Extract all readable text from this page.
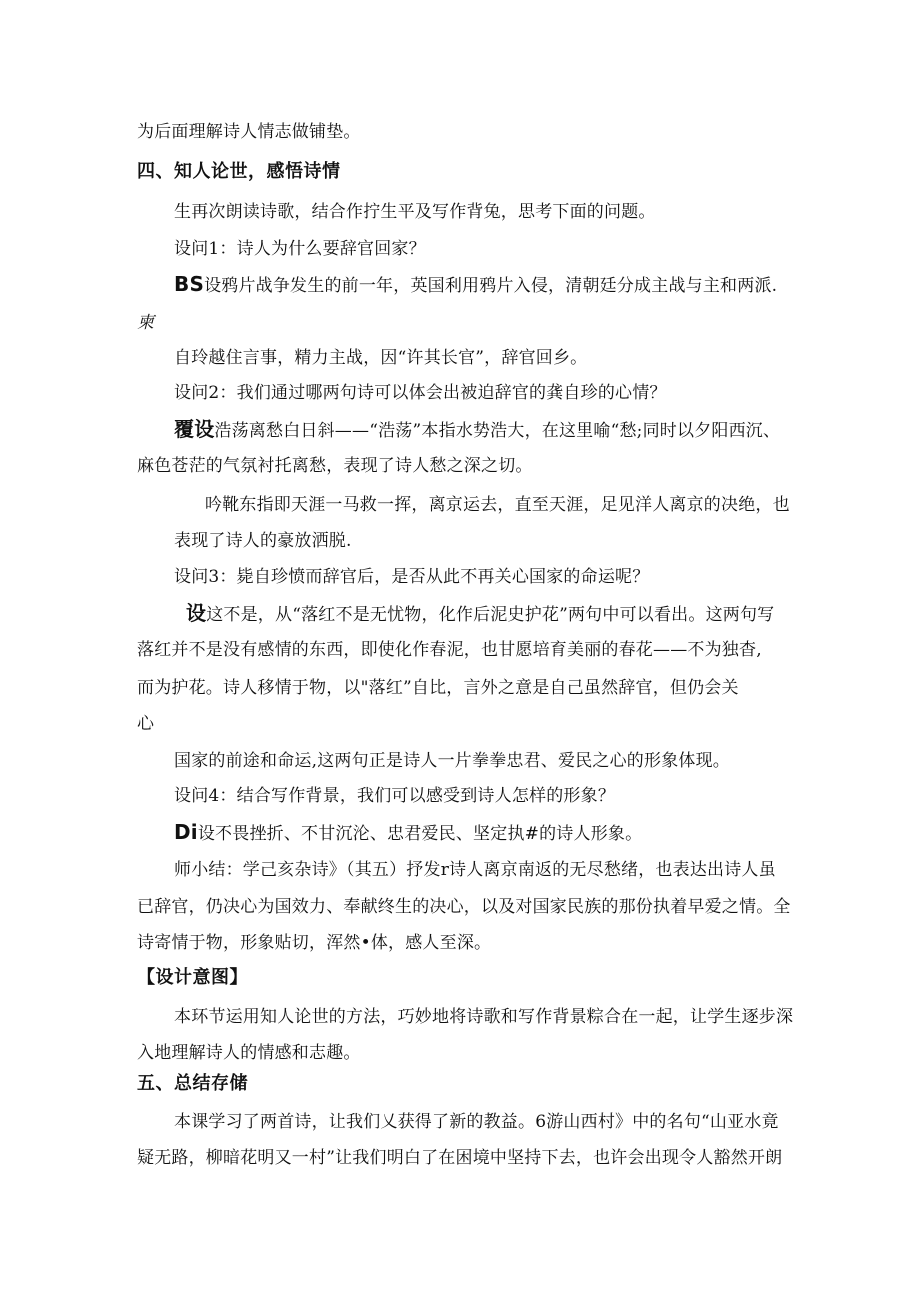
为后面理解诗人情志做铺垫。
四、知人论世，感悟诗情
生再次朗读诗歌，结合作拧生平及写作背兔，思考下面的问题。
设问1：诗人为什么要辞官回家？
BS设鸦片战争发生的前一年，英国利用鸦片入侵，清朝廷分成主战与主和两派.
柬
自玲越住言事，精力主战，因“许其长官”，辞官回乡。
设问2：我们通过哪两句诗可以体会出被迫辞官的龚自珍的心情？
覆设浩荡离愁白日斜——“浩荡”本指水势浩大，在这里喻“愁;同时以夕阳西沉、
麻色苍茫的气氛衬托离愁，表现了诗人愁之深之切。
吟靴东指即天涯一马救一挥，离京运去，直至天涯，足见洋人离京的决绝，也
表现了诗人的豪放洒脱.
设问3：毙自珍愤而辞官后，是否从此不再关心国家的命运呢？
设这不是，从“落红不是无忧物，化作后泥史护花”两句中可以看出。这两句写
落红并不是没有感情的东西，即使化作春泥，也甘愿培育美丽的春花——不为独杳,
而为护花。诗人移情于物，以"落红”自比，言外之意是自己虽然辞官，但仍会关
心
国家的前途和命运,这两句正是诗人一片拳拳忠君、爱民之心的形象体现。
设问4：结合写作背景，我们可以感受到诗人怎样的形象？
Di设不畏挫折、不甘沉沦、忠君爱民、坚定执#的诗人形象。
师小结：学己亥杂诗》（其五）抒发r诗人离京南返的无尽愁绪，也表达出诗人虽
已辞官，仍决心为国效力、奉献终生的决心，以及对国家民族的那份执着早爱之情。全
诗寄情于物，形象贴切，浑然•体，感人至深。
【设计意图】
本环节运用知人论世的方法，巧妙地将诗歌和写作背景粽合在一起，让学生逐步深
入地理解诗人的情感和志趣。
五、总结存储
本课学习了两首诗，让我们乂获得了新的教益。6游山西村》中的名句“山亚水竟
疑无路，柳暗花明又一村”让我们明白了在困境中坚持下去，也许会出现令人豁然开朗
